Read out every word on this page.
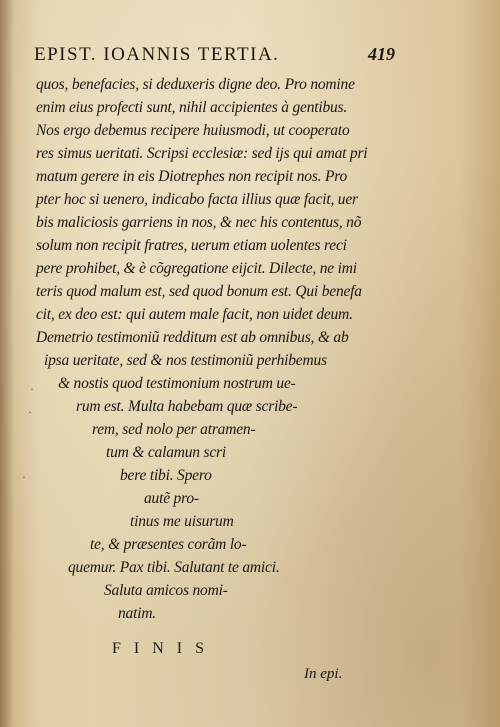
EPIST. IOANNIS TERTIA.	419
quos, benefacies, si deduxeris digne deo. Pro nomine
enim eius profecti sunt, nihil accipientes à gentibus.
Nos ergo debemus recipere huiusmodi, ut cooperato
res simus ueritati. Scripsi ecclesiæ: sed ijs qui amat pri
matum gerere in eis Diotrephes non recipit nos. Pro
pter hoc si uenero, indicabo facta illius quæ facit, uer
bis maliciosis garriens in nos, & nec his contentus, nõ
solum non recipit fratres, uerum etiam uolentes reci
pere prohibet, & è cõgregatione eijcit. Dilecte, ne imi
teris quod malum est, sed quod bonum est. Qui benefa
cit, ex deo est: qui autem male facit, non uidet deum.
Demetrio testimoniũ redditum est ab omnibus, & ab
ipsa ueritate, sed & nos testimoniũ perhibemus
& nostis quod testimonium nostrum ue-
rum est. Multa habebam quæ scribe-
rem, sed nolo per atramen-
tum & calamun scri
bere tibi. Spero
autẽ pro-
tinus me uisurum
te, & præsentes corãm lo-
quemur. Pax tibi. Salutant te amici.
Saluta amicos nomi-
natim.
FINIS
In epi.
·
·
·
